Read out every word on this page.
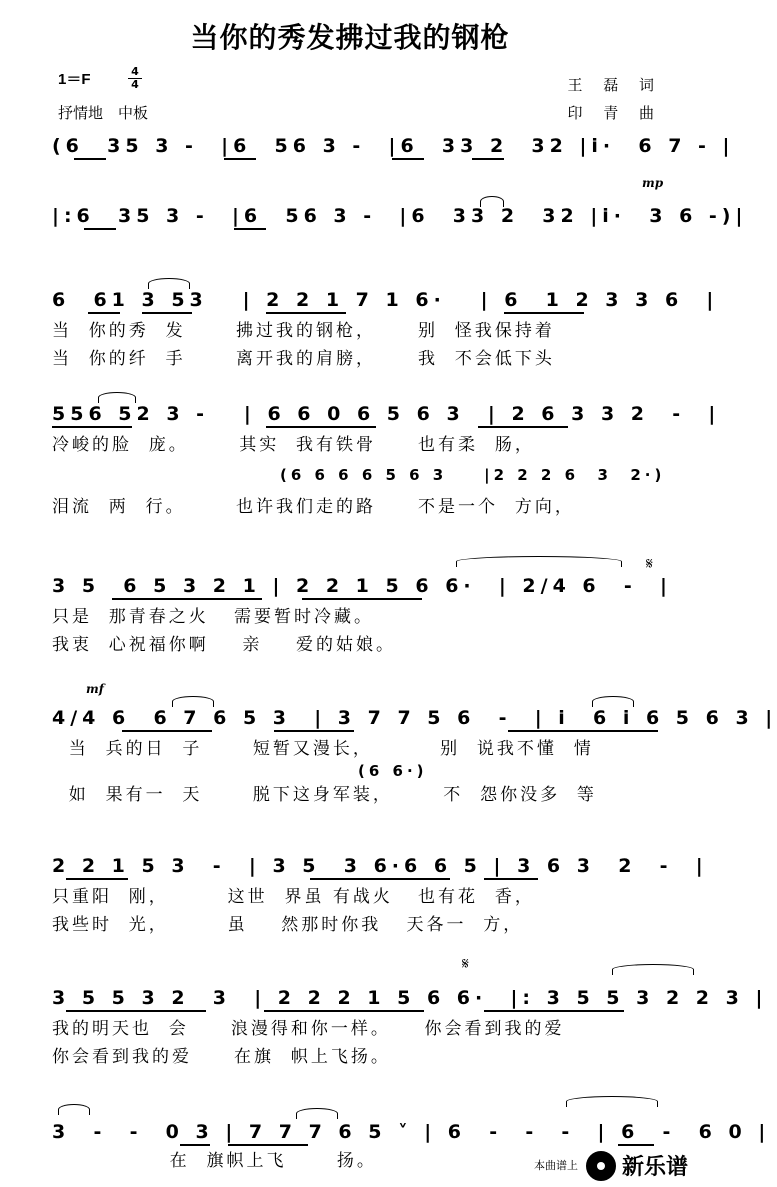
当你的秀发拂过我的钢枪
1＝F	4
4
抒情地　中板
王 磊 词
印 青 曲
(6  35 3 -  |6  56 3 -  |6  33 2  32 |i·  6 7 - |
mp
|:6  35 3 -  |6  56 3 -  |6  33 2  32 |i·  3 6 -)|
6  61 3 53   | 2 2 1 7 1 6·   | 6  1 2 3 3 6  |
当  你的秀  发      拂过我的钢枪，     别  怪我保持着
当  你的纤  手      离开我的肩膀，     我  不会低下头
556 52 3 -   | 6 6 0 6 5 6 3  | 2 6 3 3 2  -  |
冷峻的脸  庞。      其实  我有铁骨     也有柔  肠，
(6 6 6 6 5 6 3    |2 2 2 6  3  2·)
泪流  两  行。      也许我们走的路     不是一个  方向，
𝄋
3 5  6 5 3 2 1 | 2 2 1 5 6 6·  | 2/4 6  -  |
只是  那青春之火   需要暂时冷藏。
我衷  心祝福你啊    亲    爱的姑娘。
mf
4/4 6  6 7 6 5 3  | 3 7 7 5 6  -  | i  6 i 6 5 6 3 |
当  兵的日  子      短暂又漫长，        别  说我不懂  情
(6 6·)
如  果有一  天      脱下这身军装，      不  怨你没多  等
2 2 1 5 3  -  | 3 5  3 6·6 6 5 | 3 6 3  2  -  |
只重阳  刚，       这世  界虽 有战火   也有花  香，
我些时  光，       虽    然那时你我   天各一  方，
𝄋
3 5 5 3 2  3  | 2 2 2 1 5 6 6·  |: 3 5 5 3 2 2 3 |
我的明天也  会     浪漫得和你一样。    你会看到我的爱
你会看到我的爱     在旗  帜上飞扬。
3  -  -  0 3 | 7 7 7 6 5 ˅ | 6  -  -  -  | 6  -  6 0 |
在  旗帜上飞      扬。	本曲谱上 新乐谱
